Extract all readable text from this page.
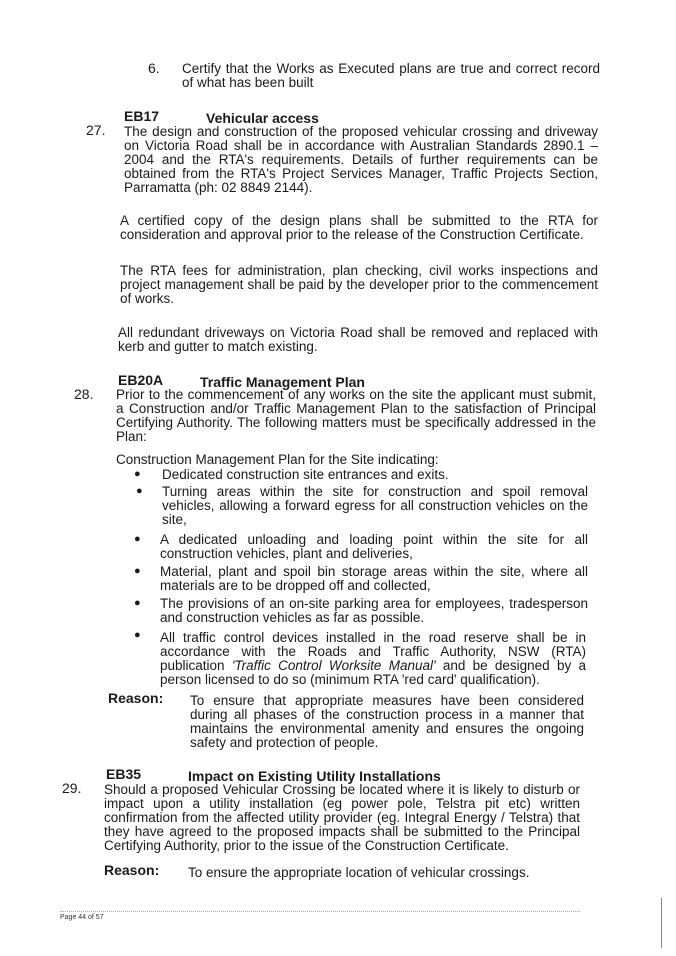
6. Certify that the Works as Executed plans are true and correct record of what has been built
EB17	Vehicular access
27. The design and construction of the proposed vehicular crossing and driveway on Victoria Road shall be in accordance with Australian Standards 2890.1 – 2004 and the RTA's requirements. Details of further requirements can be obtained from the RTA's Project Services Manager, Traffic Projects Section, Parramatta (ph: 02 8849 2144).
A certified copy of the design plans shall be submitted to the RTA for consideration and approval prior to the release of the Construction Certificate.
The RTA fees for administration, plan checking, civil works inspections and project management shall be paid by the developer prior to the commencement of works.
All redundant driveways on Victoria Road shall be removed and replaced with kerb and gutter to match existing.
EB20A	Traffic Management Plan
28. Prior to the commencement of any works on the site the applicant must submit, a Construction and/or Traffic Management Plan to the satisfaction of Principal Certifying Authority. The following matters must be specifically addressed in the Plan:
Construction Management Plan for the Site indicating:
● Dedicated construction site entrances and exits.
● Turning areas within the site for construction and spoil removal vehicles, allowing a forward egress for all construction vehicles on the site,
● A dedicated unloading and loading point within the site for all construction vehicles, plant and deliveries,
● Material, plant and spoil bin storage areas within the site, where all materials are to be dropped off and collected,
● The provisions of an on-site parking area for employees, tradesperson and construction vehicles as far as possible.
● All traffic control devices installed in the road reserve shall be in accordance with the Roads and Traffic Authority, NSW (RTA) publication 'Traffic Control Worksite Manual' and be designed by a person licensed to do so (minimum RTA 'red card' qualification).
Reason: To ensure that appropriate measures have been considered during all phases of the construction process in a manner that maintains the environmental amenity and ensures the ongoing safety and protection of people.
EB35	Impact on Existing Utility Installations
29. Should a proposed Vehicular Crossing be located where it is likely to disturb or impact upon a utility installation (eg power pole, Telstra pit etc) written confirmation from the affected utility provider (eg. Integral Energy / Telstra) that they have agreed to the proposed impacts shall be submitted to the Principal Certifying Authority, prior to the issue of the Construction Certificate.
Reason: To ensure the appropriate location of vehicular crossings.
Page 44 of 57
